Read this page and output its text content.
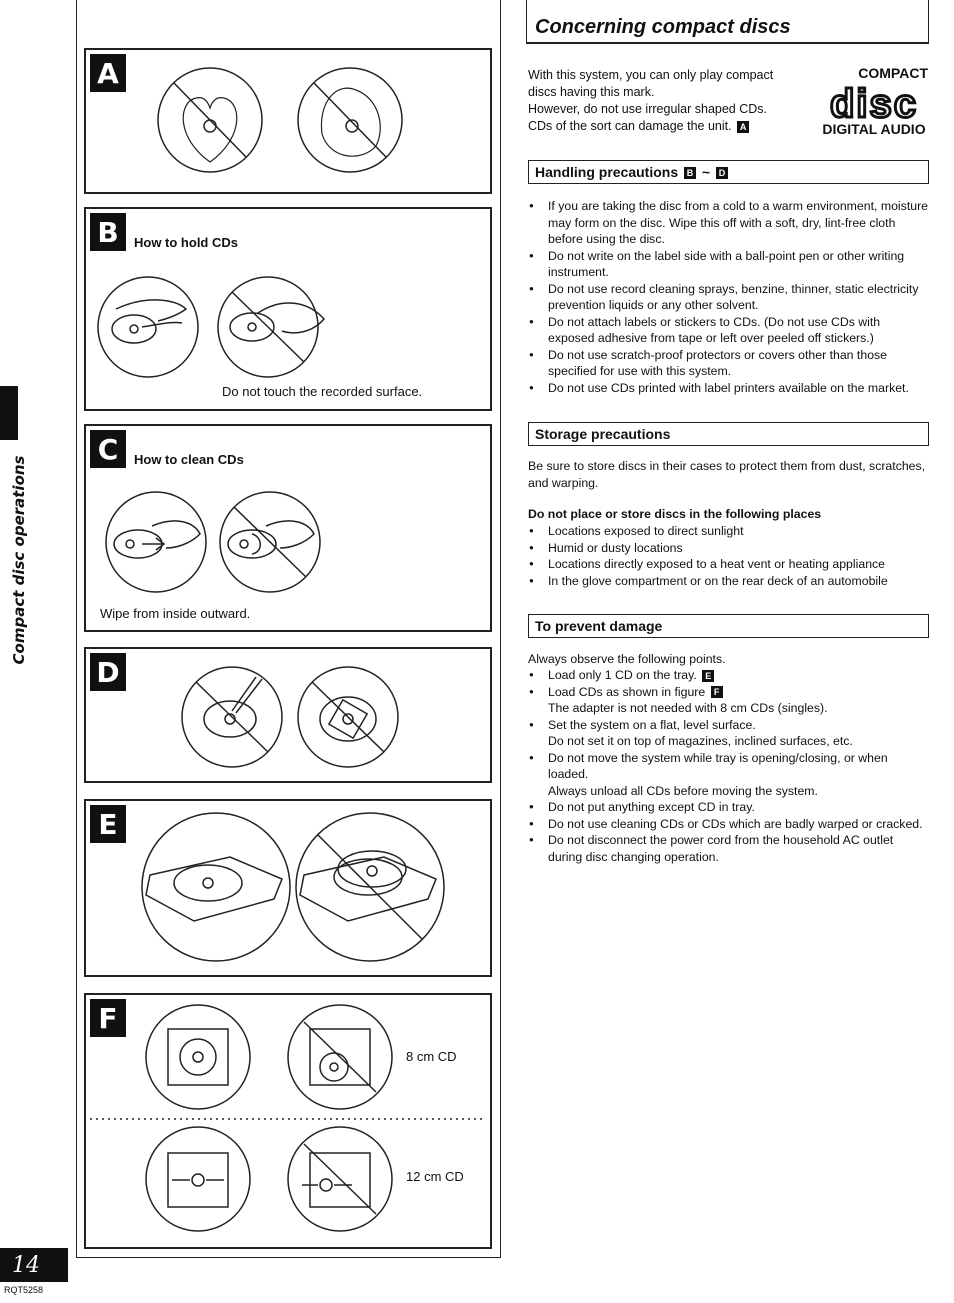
Compact disc operations
A
B	How to hold CDs
Do not touch the recorded surface.
C	How to clean CDs
Wipe from inside outward.
D
E
F
8 cm CD
12 cm CD
14
RQT5258
Concerning compact discs

With this system, you can only play compact discs having this mark.

However, do not use irregular shaped CDs.

CDs of the sort can damage the unit. A

COMPACT
disc
DIGITAL AUDIO
Handling precautions B ~ D
● If you are taking the disc from a cold to a warm environment, moisture may form on the disc. Wipe this off with a soft, dry, lint-free cloth before using the disc.
● Do not write on the label side with a ball-point pen or other writing instrument.
● Do not use record cleaning sprays, benzine, thinner, static electricity prevention liquids or any other solvent.
● Do not attach labels or stickers to CDs. (Do not use CDs with exposed adhesive from tape or left over peeled off stickers.)
● Do not use scratch-proof protectors or covers other than those specified for use with this system.
● Do not use CDs printed with label printers available on the market.
Storage precautions

Be sure to store discs in their cases to protect them from dust, scratches, and warping.

Do not place or store discs in the following places
● Locations exposed to direct sunlight
● Humid or dusty locations
● Locations directly exposed to a heat vent or heating appliance
● In the glove compartment or on the rear deck of an automobile
To prevent damage

Always observe the following points.

● Load only 1 CD on the tray. E
● Load CDs as shown in figure F
The adapter is not needed with 8 cm CDs (singles).
● Set the system on a flat, level surface.
Do not set it on top of magazines, inclined surfaces, etc.
● Do not move the system while tray is opening/closing, or when loaded.
Always unload all CDs before moving the system.
● Do not put anything except CD in tray.
● Do not use cleaning CDs or CDs which are badly warped or cracked.
● Do not disconnect the power cord from the household AC outlet during disc changing operation.
